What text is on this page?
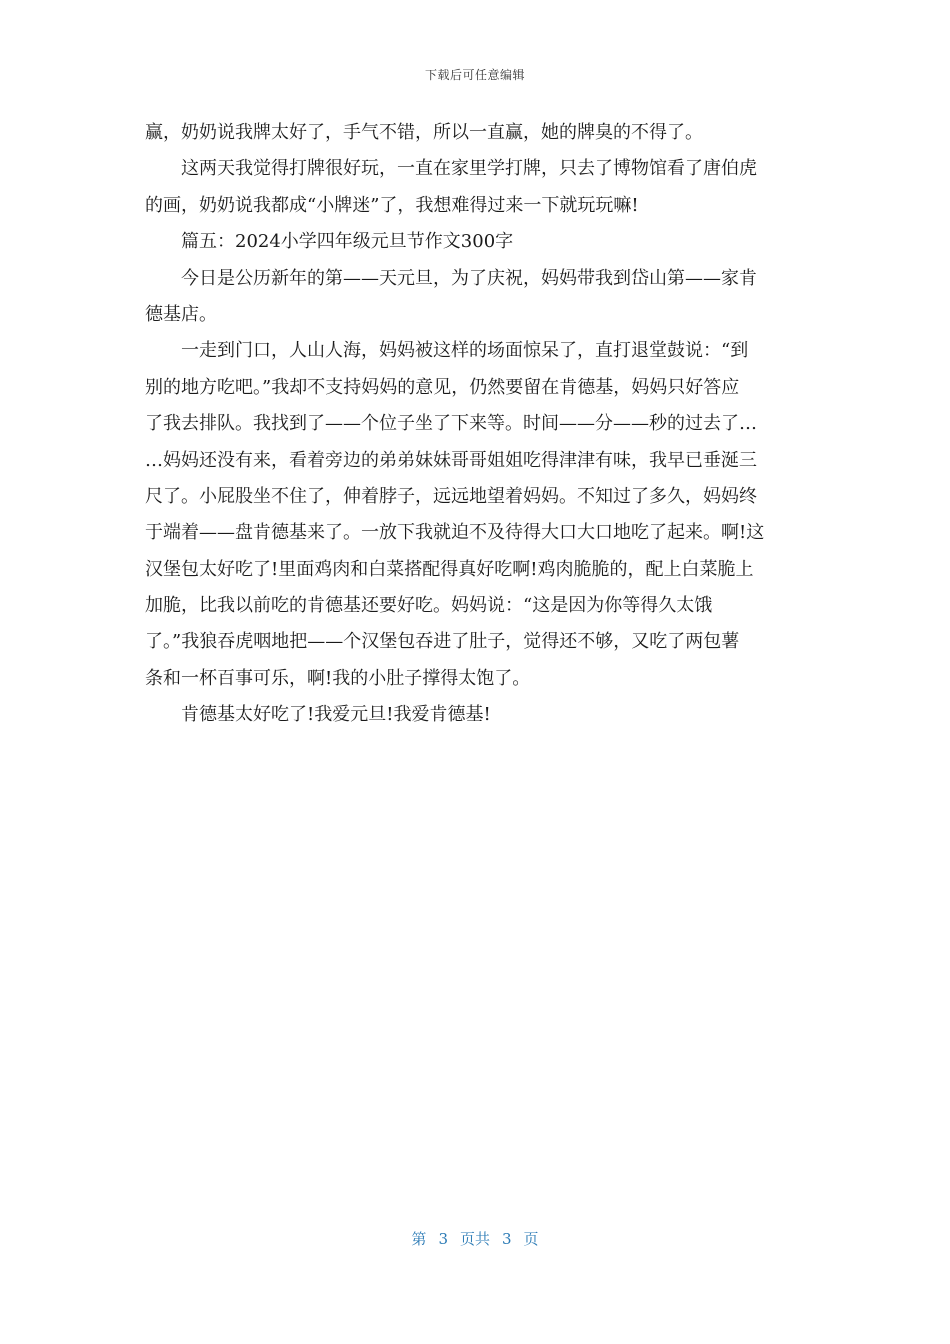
下载后可任意编辑
赢，奶奶说我牌太好了，手气不错，所以一直赢，她的牌臭的不得了。
这两天我觉得打牌很好玩，一直在家里学打牌，只去了博物馆看了唐伯虎
的画，奶奶说我都成“小牌迷”了，我想难得过来一下就玩玩嘛!
篇五：2024小学四年级元旦节作文300字
今日是公历新年的第——天元旦，为了庆祝，妈妈带我到岱山第——家肯
德基店。
一走到门口，人山人海，妈妈被这样的场面惊呆了，直打退堂鼓说：“到
别的地方吃吧。”我却不支持妈妈的意见，仍然要留在肯德基，妈妈只好答应
了我去排队。我找到了——个位子坐了下来等。时间——分——秒的过去了…
…妈妈还没有来，看着旁边的弟弟妹妹哥哥姐姐吃得津津有味，我早已垂涎三
尺了。小屁股坐不住了，伸着脖子，远远地望着妈妈。不知过了多久，妈妈终
于端着——盘肯德基来了。一放下我就迫不及待得大口大口地吃了起来。啊!这
汉堡包太好吃了!里面鸡肉和白菜搭配得真好吃啊!鸡肉脆脆的，配上白菜脆上
加脆，比我以前吃的肯德基还要好吃。妈妈说：“这是因为你等得久太饿
了。”我狼吞虎咽地把——个汉堡包吞进了肚子，觉得还不够，又吃了两包薯
条和一杯百事可乐，啊!我的小肚子撑得太饱了。
肯德基太好吃了!我爱元旦!我爱肯德基!
第 3 页共 3 页
